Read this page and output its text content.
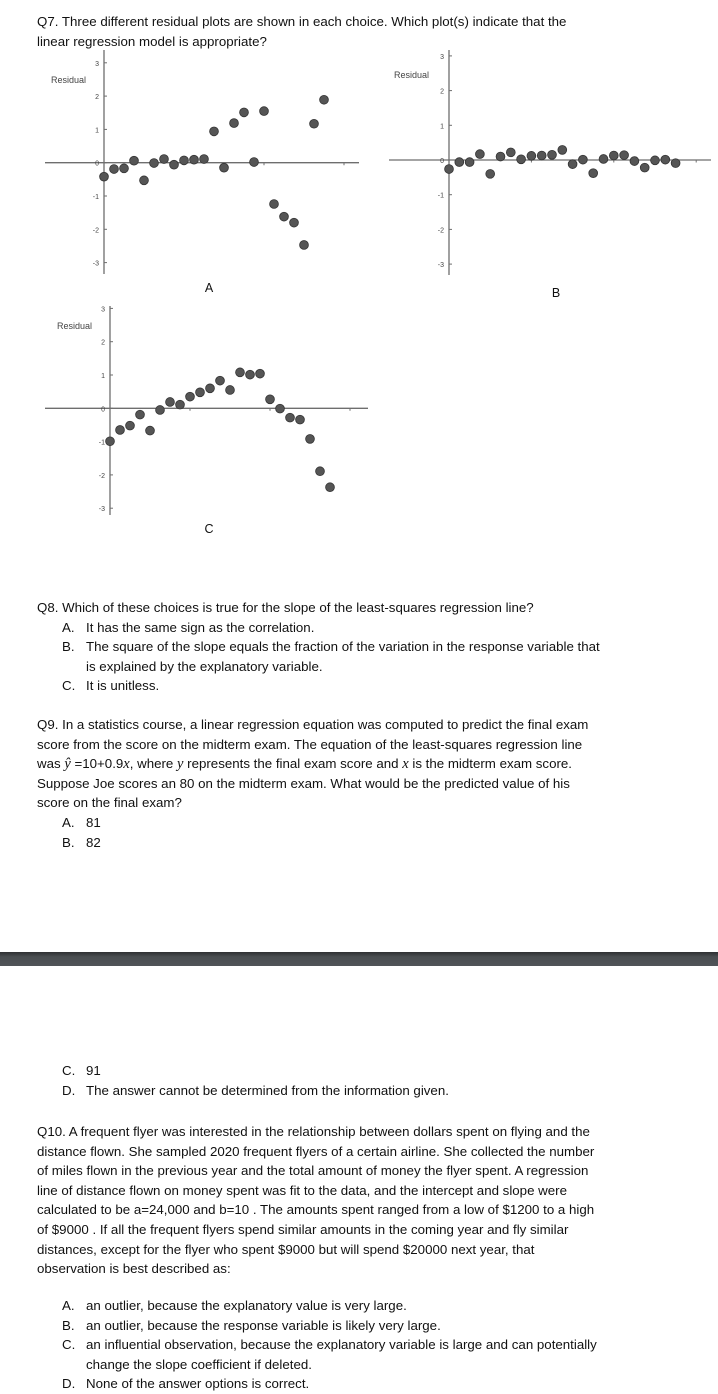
Q7. Three different residual plots are shown in each choice. Which plot(s) indicate that the
linear regression model is appropriate?
3
2
1
0
-1
-2
-3
Residual
A
3
2
1
0
-1
-2
-3
Residual
B
3
2
1
0
-1
-2
-3
Residual
C
Q8. Which of these choices is true for the slope of the least-squares regression line?
A. It has the same sign as the correlation.
B. The square of the slope equals the fraction of the variation in the response variable that
is explained by the explanatory variable.
C. It is unitless.
Q9. In a statistics course, a linear regression equation was computed to predict the final exam
score from the score on the midterm exam. The equation of the least-squares regression line
was ŷ =10+0.9x, where y represents the final exam score and x is the midterm exam score.
Suppose Joe scores an 80 on the midterm exam. What would be the predicted value of his
score on the final exam?
A. 81
B. 82
C. 91
D. The answer cannot be determined from the information given.
Q10. A frequent flyer was interested in the relationship between dollars spent on flying and the
distance flown. She sampled 2020 frequent flyers of a certain airline. She collected the number
of miles flown in the previous year and the total amount of money the flyer spent. A regression
line of distance flown on money spent was fit to the data, and the intercept and slope were
calculated to be a=24,000 and b=10 . The amounts spent ranged from a low of $1200 to a high
of $9000 . If all the frequent flyers spend similar amounts in the coming year and fly similar
distances, except for the flyer who spent $9000 but will spend $20000 next year, that
observation is best described as:
A. an outlier, because the explanatory value is very large.
B. an outlier, because the response variable is likely very large.
C. an influential observation, because the explanatory variable is large and can potentially
change the slope coefficient if deleted.
D. None of the answer options is correct.
